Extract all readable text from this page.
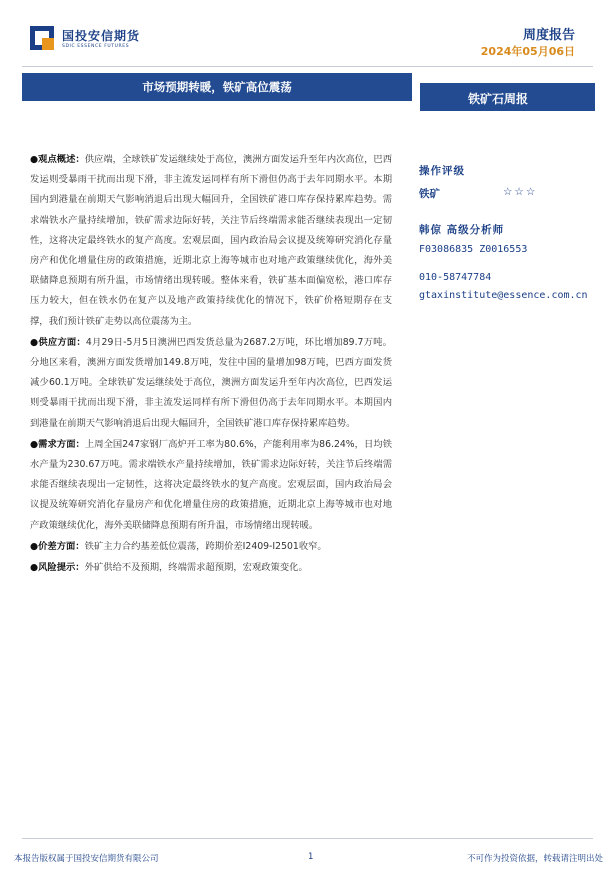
国投安信期货
SDIC ESSENCE FUTURES
周度报告
2024年05月06日
市场预期转暖，铁矿高位震荡
铁矿石周报

●观点概述：供应端，全球铁矿发运继续处于高位，澳洲方面发运升至年内次高位，巴西发运则受暴雨干扰而出现下滑，非主流发运同样有所下滑但仍高于去年同期水平。本期国内到港量在前期天气影响消退后出现大幅回升，全国铁矿港口库存保持累库趋势。需求端铁水产量持续增加，铁矿需求边际好转，关注节后终端需求能否继续表现出一定韧性，这将决定最终铁水的复产高度。宏观层面，国内政治局会议提及统筹研究消化存量房产和优化增量住房的政策措施，近期北京上海等城市也对地产政策继续优化，海外美联储降息预期有所升温，市场情绪出现转暖。整体来看，铁矿基本面偏宽松，港口库存压力较大，但在铁水仍在复产以及地产政策持续优化的情况下，铁矿价格短期存在支撑，我们预计铁矿走势以高位震荡为主。

●供应方面：4月29日-5月5日澳洲巴西发货总量为2687.2万吨，环比增加89.7万吨。分地区来看，澳洲方面发货增加149.8万吨，发往中国的量增加98万吨，巴西方面发货减少60.1万吨。全球铁矿发运继续处于高位，澳洲方面发运升至年内次高位，巴西发运则受暴雨干扰而出现下滑，非主流发运同样有所下滑但仍高于去年同期水平。本期国内到港量在前期天气影响消退后出现大幅回升，全国铁矿港口库存保持累库趋势。

●需求方面：上周全国247家钢厂高炉开工率为80.6%，产能利用率为86.24%，日均铁水产量为230.67万吨。需求端铁水产量持续增加，铁矿需求边际好转，关注节后终端需求能否继续表现出一定韧性，这将决定最终铁水的复产高度。宏观层面，国内政治局会议提及统筹研究消化存量房产和优化增量住房的政策措施，近期北京上海等城市也对地产政策继续优化，海外美联储降息预期有所升温，市场情绪出现转暖。

●价差方面：铁矿主力合约基差低位震荡，跨期价差I2409-I2501收窄。

●风险提示：外矿供给不及预期，终端需求超预期，宏观政策变化。

操作评级
铁矿	☆☆☆
韩倞 高级分析师
F03086835 Z0016553
010-58747784
gtaxinstitute@essence.com.cn
本报告版权属于国投安信期货有限公司	1	不可作为投资依据，转载请注明出处
